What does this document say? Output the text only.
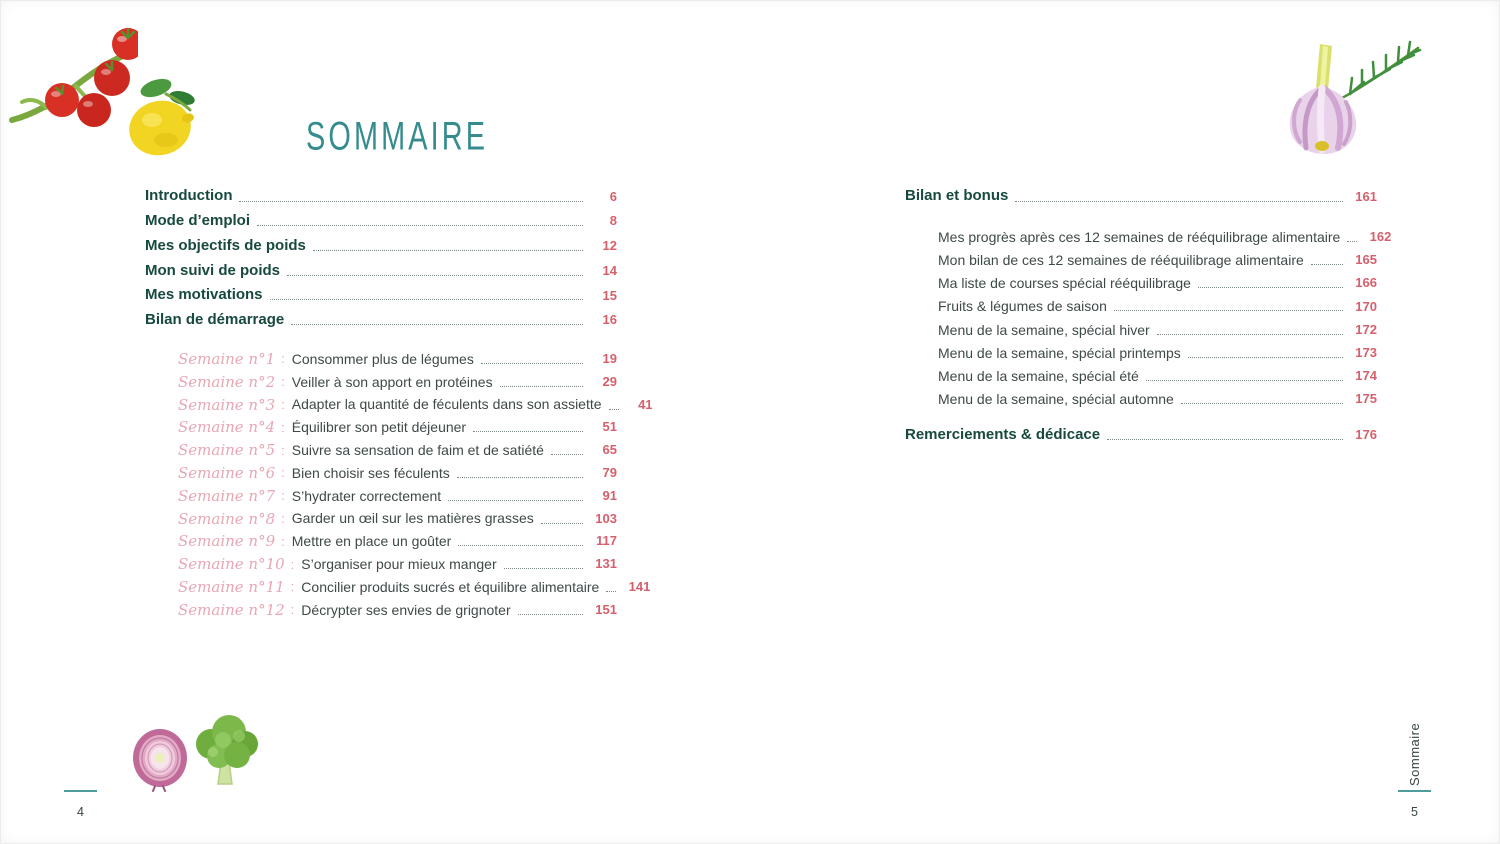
SOMMAIRE
Introduction	6
Mode d’emploi	8
Mes objectifs de poids	12
Mon suivi de poids	14
Mes motivations	15
Bilan de démarrage	16
Semaine n°1 : Consommer plus de légumes	19
Semaine n°2 : Veiller à son apport en protéines	29
Semaine n°3 : Adapter la quantité de féculents dans son assiette	41
Semaine n°4 : Équilibrer son petit déjeuner	51
Semaine n°5 : Suivre sa sensation de faim et de satiété	65
Semaine n°6 : Bien choisir ses féculents	79
Semaine n°7 : S’hydrater correctement	91
Semaine n°8 : Garder un œil sur les matières grasses	103
Semaine n°9 : Mettre en place un goûter	117
Semaine n°10 : S’organiser pour mieux manger	131
Semaine n°11 : Concilier produits sucrés et équilibre alimentaire	141
Semaine n°12 : Décrypter ses envies de grignoter	151
Bilan et bonus	161
Mes progrès après ces 12 semaines de rééquilibrage alimentaire	162
Mon bilan de ces 12 semaines de rééquilibrage alimentaire	165
Ma liste de courses spécial rééquilibrage	166
Fruits & légumes de saison	170
Menu de la semaine, spécial hiver	172
Menu de la semaine, spécial printemps	173
Menu de la semaine, spécial été	174
Menu de la semaine, spécial automne	175
Remerciements & dédicace	176
4
Sommaire
5
